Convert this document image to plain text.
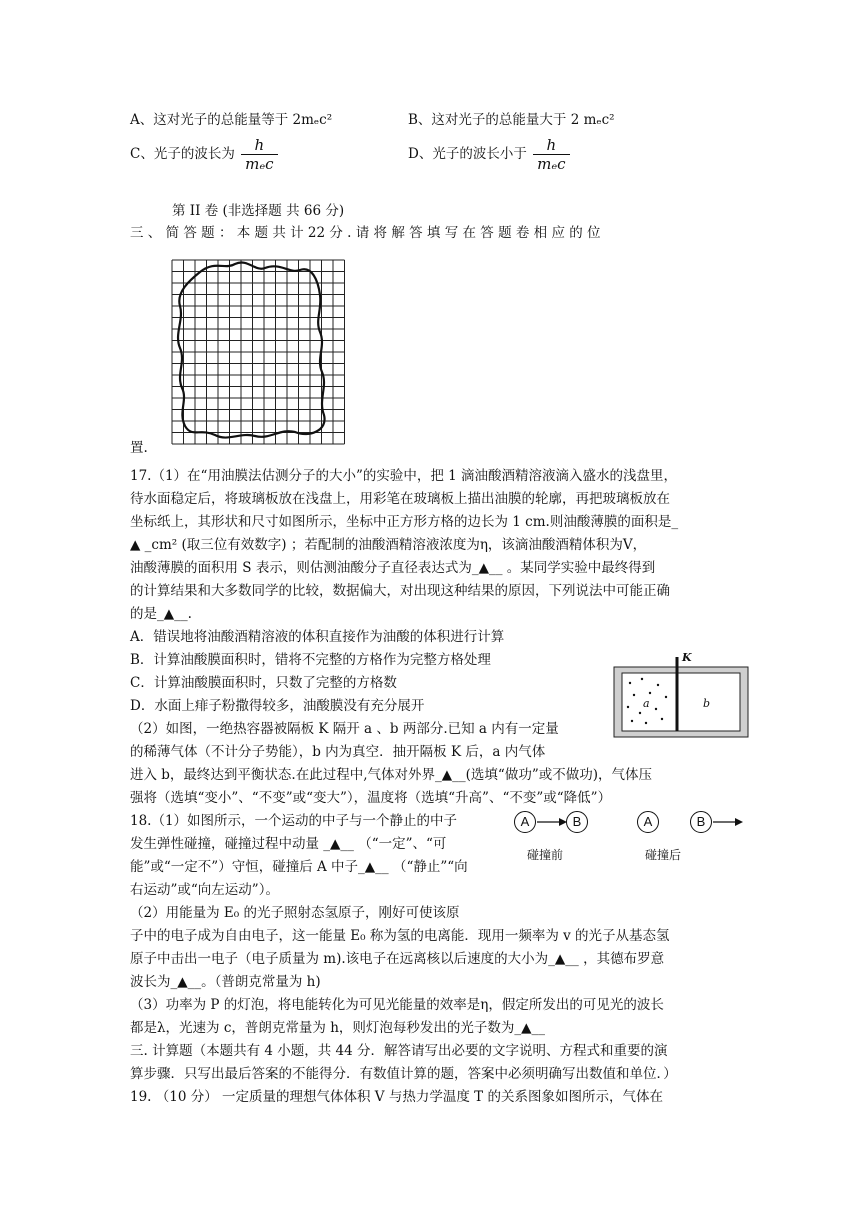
A、这对光子的总能量等于 2mₑc²	B、这对光子的总能量大于 2 mₑc²
C、光子的波长为 $\frac{h}{\text{mₑc}}$	D、光子的波长小于 $\frac{h}{\text{mₑc}}$
第 II 卷 (非选择题 共 66 分)
三 、 简 答 题 ： 本 题 共 计 22 分 . 请 将 解 答 填 写 在 答 题 卷 相 应 的 位
置.
17.（1）在“用油膜法估测分子的大小”的实验中，把 1 滴油酸酒精溶液滴入盛水的浅盘里，
待水面稳定后，将玻璃板放在浅盘上，用彩笔在玻璃板上描出油膜的轮廓，再把玻璃板放在
坐标纸上，其形状和尺寸如图所示，坐标中正方形方格的边长为 1 cm.则油酸薄膜的面积是_
▲ _cm² (取三位有效数字) ；若配制的油酸酒精溶液浓度为η，该滴油酸酒精体积为V，
油酸薄膜的面积用 S 表示，则估测油酸分子直径表达式为_▲__ 。某同学实验中最终得到
的计算结果和大多数同学的比较，数据偏大，对出现这种结果的原因，下列说法中可能正确
的是_▲__.
A．错误地将油酸酒精溶液的体积直接作为油酸的体积进行计算
B．计算油酸膜面积时，错将不完整的方格作为完整方格处理
C．计算油酸膜面积时，只数了完整的方格数
D．水面上痱子粉撒得较多，油酸膜没有充分展开
（2）如图，一绝热容器被隔板 K 隔开 a 、b 两部分.已知 a 内有一定量
的稀薄气体（不计分子势能），b 内为真空．抽开隔板 K 后，a 内气体
进入 b，最终达到平衡状态.在此过程中,气体对外界_▲__(选填“做功”或不做功)，气体压
强将（选填“变小”、“不变”或“变大”），温度将（选填“升高”、“不变”或“降低”）
K
a	b
18.（1）如图所示，一个运动的中子与一个静止的中子
发生弹性碰撞，碰撞过程中动量 _▲__ （“一定”、“可
能”或“一定不”）守恒，碰撞后 A 中子_▲__ （“静止”“向
右运动”或“向左运动”）。
A	B	A	B
碰撞前	碰撞后
（2）用能量为 E₀ 的光子照射态氢原子，刚好可使该原
子中的电子成为自由电子，这一能量 E₀ 称为氢的电离能．现用一频率为 v 的光子从基态氢
原子中击出一电子（电子质量为 m).该电子在远离核以后速度的大小为_▲__ ，其德布罗意
波长为_▲__。（普朗克常量为 h)
（3）功率为 P 的灯泡，将电能转化为可见光能量的效率是η，假定所发出的可见光的波长
都是λ，光速为 c，普朗克常量为 h，则灯泡每秒发出的光子数为_▲__
三. 计算题（本题共有 4 小题，共 44 分．解答请写出必要的文字说明、方程式和重要的演
算步骤．只写出最后答案的不能得分．有数值计算的题，答案中必须明确写出数值和单位．）
19. （10 分） 一定质量的理想气体体积 V 与热力学温度 T 的关系图象如图所示，气体在
